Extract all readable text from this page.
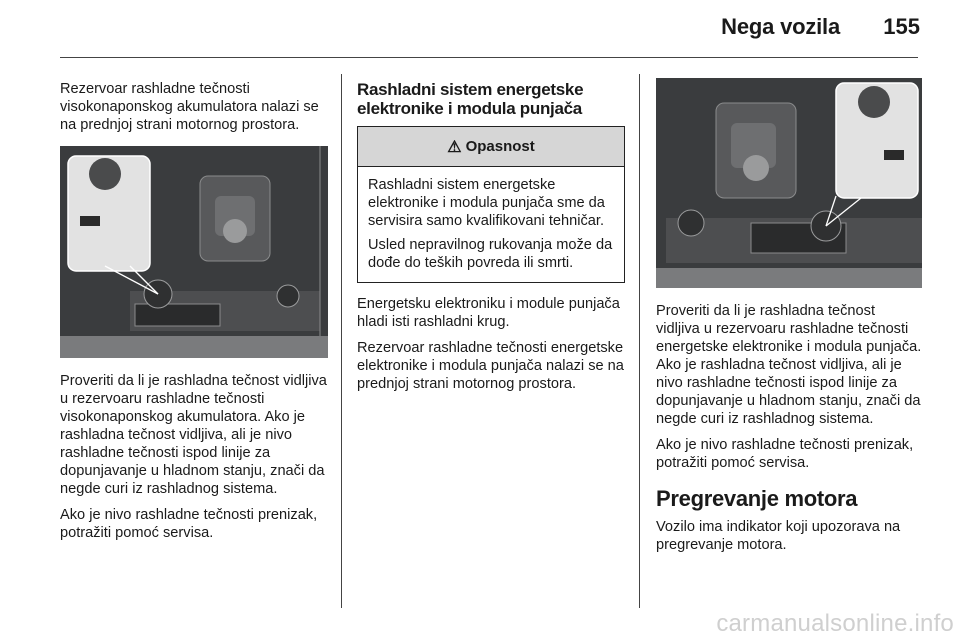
Nega vozila 155
Rezervoar rashladne tečnosti visokonaponskog akumulatora nalazi se na prednjoj strani motornog prostora.
Proveriti da li je rashladna tečnost vidljiva u rezervoaru rashladne tečnosti visokonaponskog akumulatora. Ako je rashladna tečnost vidljiva, ali je nivo rashladne tečnosti ispod linije za dopunjavanje u hladnom stanju, znači da negde curi iz rashladnog sistema.
Ako je nivo rashladne tečnosti prenizak, potražiti pomoć servisa.
Rashladni sistem energetske elektronike i modula punjača
⚠ Opasnost
Rashladni sistem energetske elektronike i modula punjača sme da servisira samo kvalifikovani tehničar.
Usled nepravilnog rukovanja može da dođe do teških povreda ili smrti.
Energetsku elektroniku i module punjača hladi isti rashladni krug.
Rezervoar rashladne tečnosti energetske elektronike i modula punjača nalazi se na prednjoj strani motornog prostora.
Proveriti da li je rashladna tečnost vidljiva u rezervoaru rashladne tečnosti energetske elektronike i modula punjača. Ako je rashladna tečnost vidljiva, ali je nivo rashladne tečnosti ispod linije za dopunjavanje u hladnom stanju, znači da negde curi iz rashladnog sistema.
Ako je nivo rashladne tečnosti prenizak, potražiti pomoć servisa.
Pregrevanje motora
Vozilo ima indikator koji upozorava na pregrevanje motora.
carmanualsonline.info
